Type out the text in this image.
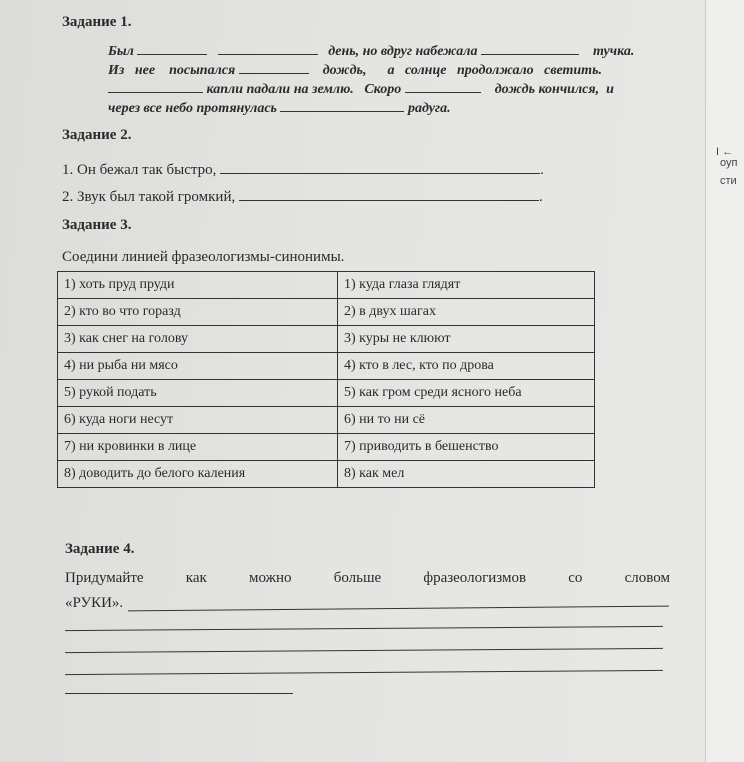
Задание 1.
Был	день, но вдруг набежала	тучка.
Из нее посыпался	дождь, а солнце продолжало светить.
капли падали на землю. Скоро	дождь кончился, и
через все небо протянулась	радуга.
Задание 2.
1. Он бежал так быстро,	.
2. Звук был такой громкий,	.
Задание 3.
Соедини линией фразеологизмы-синонимы.
1) хоть пруд пруди	1) куда глаза глядят
2) кто во что горазд	2) в двух шагах
3) как снег на голову	3) куры не клюют
4) ни рыба ни мясо	4) кто в лес, кто по дрова
5) рукой подать	5) как гром среди ясного неба
6) куда ноги несут	6) ни то ни сё
7) ни кровинки в лице	7) приводить в бешенство
8) доводить до белого каления	8) как мел
Задание 4.
Придумайте	как	можно	больше	фразеологизмов	со	словом
«РУКИ».
I ←
оуп
сти
